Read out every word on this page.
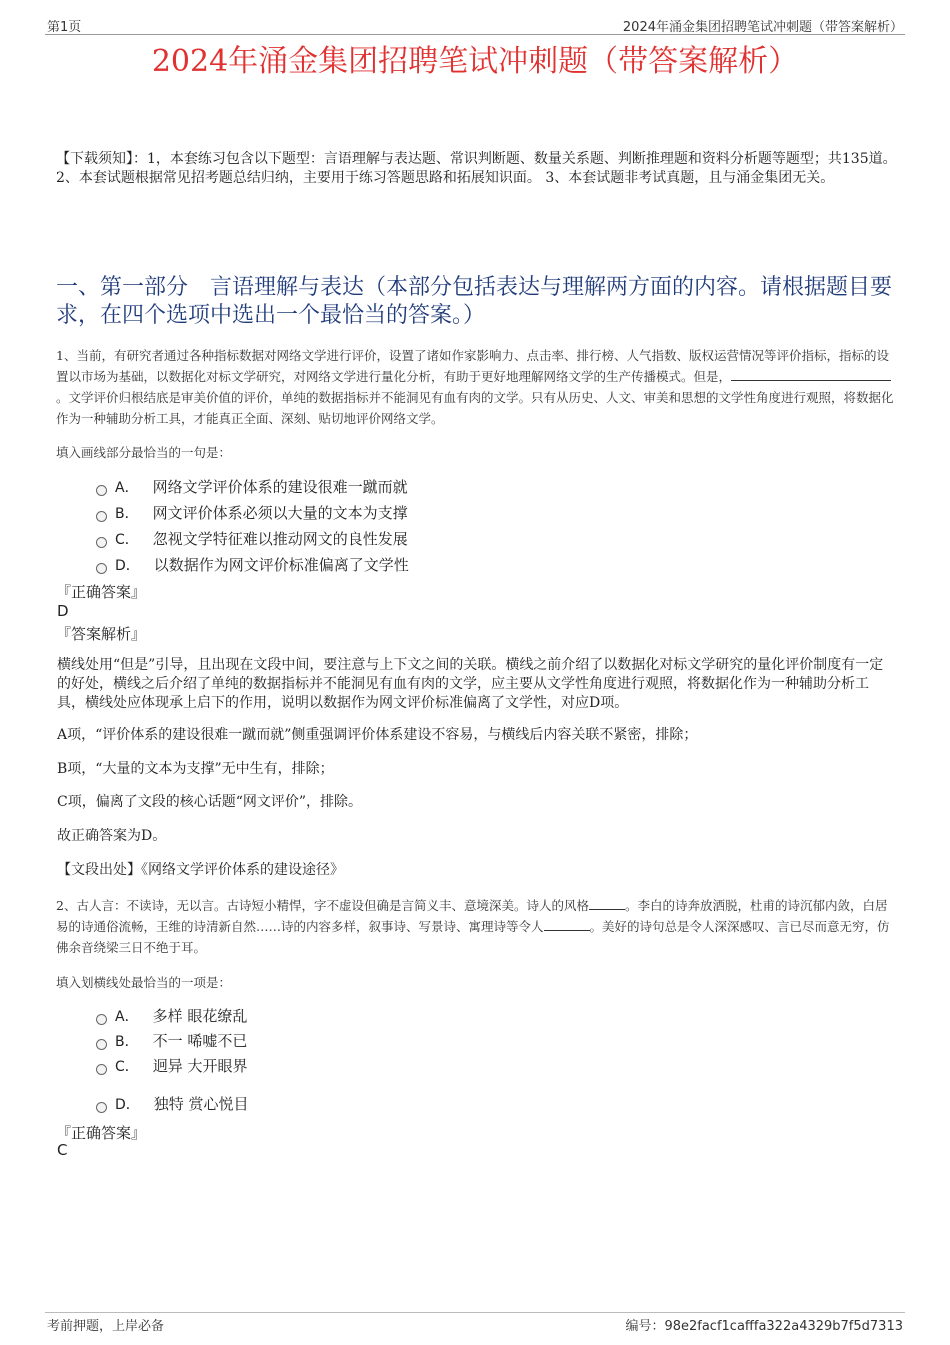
第1页	2024年涌金集团招聘笔试冲刺题（带答案解析）
2024年涌金集团招聘笔试冲刺题（带答案解析）
【下载须知】：1，本套练习包含以下题型：言语理解与表达题、常识判断题、数量关系题、判断推理题和资料分析题等题型；共135道。 2、本套试题根据常见招考题总结归纳，主要用于练习答题思路和拓展知识面。 3、本套试题非考试真题，且与涌金集团无关。
一、第一部分　言语理解与表达（本部分包括表达与理解两方面的内容。请根据题目要求，在四个选项中选出一个最恰当的答案。）
1、当前，有研究者通过各种指标数据对网络文学进行评价，设置了诸如作家影响力、点击率、排行榜、人气指数、版权运营情况等评价指标，指标的设置以市场为基础，以数据化对标文学研究，对网络文学进行量化分析，有助于更好地理解网络文学的生产传播模式。但是，。文学评价归根结底是审美价值的评价，单纯的数据指标并不能洞见有血有肉的文学。只有从历史、人文、审美和思想的文学性角度进行观照，将数据化作为一种辅助分析工具，才能真正全面、深刻、贴切地评价网络文学。
填入画线部分最恰当的一句是：
A． 网络文学评价体系的建设很难一蹴而就
B． 网文评价体系必须以大量的文本为支撑
C． 忽视文学特征难以推动网文的良性发展
D． 以数据作为网文评价标准偏离了文学性
『正确答案』
D
『答案解析』
横线处用“但是”引导，且出现在文段中间，要注意与上下文之间的关联。横线之前介绍了以数据化对标文学研究的量化评价制度有一定的好处，横线之后介绍了单纯的数据指标并不能洞见有血有肉的文学，应主要从文学性角度进行观照，将数据化作为一种辅助分析工具，横线处应体现承上启下的作用，说明以数据作为网文评价标准偏离了文学性，对应D项。
A项，“评价体系的建设很难一蹴而就”侧重强调评价体系建设不容易，与横线后内容关联不紧密，排除；
B项，“大量的文本为支撑”无中生有，排除；
C项，偏离了文段的核心话题“网文评价”，排除。
故正确答案为D。
【文段出处】《网络文学评价体系的建设途径》
2、古人言：不读诗，无以言。古诗短小精悍，字不虚设但确是言简义丰、意境深美。诗人的风格	。李白的诗奔放洒脱，杜甫的诗沉郁内敛，白居易的诗通俗流畅，王维的诗清新自然……诗的内容多样，叙事诗、写景诗、寓理诗等令人	。美好的诗句总是令人深深感叹、言已尽而意无穷，仿佛余音绕梁三日不绝于耳。
填入划横线处最恰当的一项是：
A． 多样 眼花缭乱
B． 不一 唏嘘不已
C． 迥异 大开眼界
D． 独特 赏心悦目
『正确答案』
C
考前押题，上岸必备	编号：98e2facf1cafffa322a4329b7f5d7313
